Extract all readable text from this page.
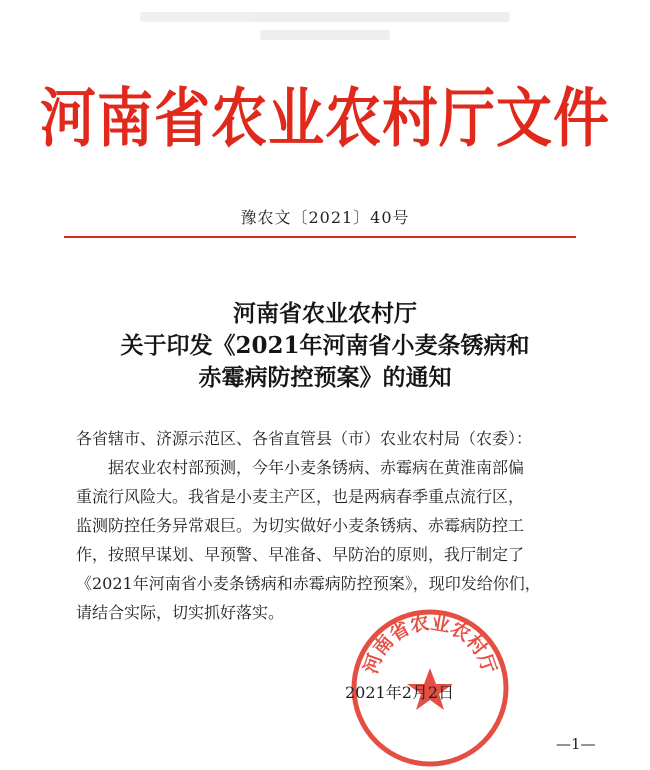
河南省农业农村厅文件
豫农文〔2021〕40号
河南省农业农村厅
关于印发《2021年河南省小麦条锈病和
赤霉病防控预案》的通知
各省辖市、济源示范区、各省直管县（市）农业农村局（农委）：
据农业农村部预测，今年小麦条锈病、赤霉病在黄淮南部偏
重流行风险大。我省是小麦主产区，也是两病春季重点流行区，
监测防控任务异常艰巨。为切实做好小麦条锈病、赤霉病防控工
作，按照早谋划、早预警、早准备、早防治的原则，我厅制定了
《2021年河南省小麦条锈病和赤霉病防控预案》，现印发给你们，
请结合实际，切实抓好落实。
河南省农业农村厅
2021年2月2日
—1—
